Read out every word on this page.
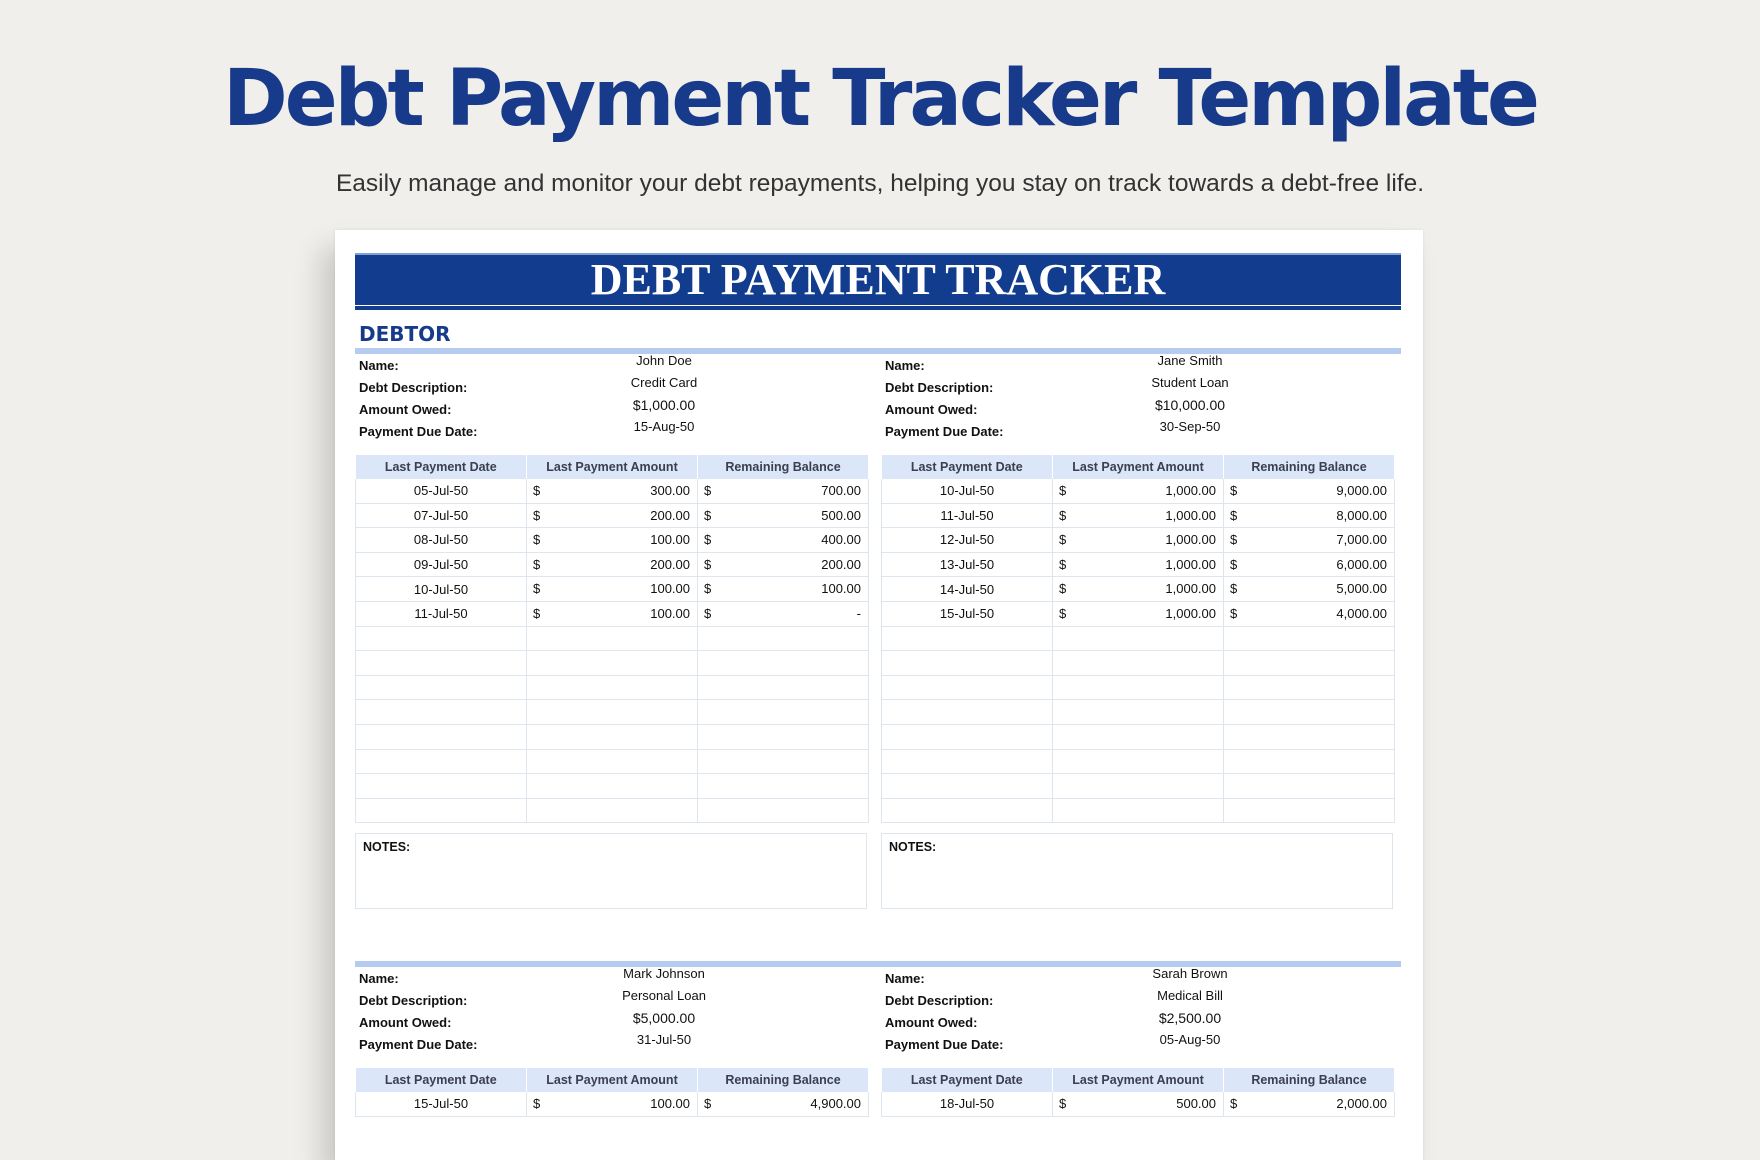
Debt Payment Tracker Template
Easily manage and monitor your debt repayments, helping you stay on track towards a debt-free life.
DEBT PAYMENT TRACKER
DEBTOR
Name:	John Doe
Debt Description:	Credit Card
Amount Owed:	$1,000.00
Payment Due Date:	15-Aug-50
Last Payment Date	Last Payment Amount	Remaining Balance
05-Jul-50	$ 300.00	$ 700.00

07-Jul-50	$ 200.00	$ 500.00

08-Jul-50	$ 100.00	$ 400.00

09-Jul-50	$ 200.00	$ 200.00

10-Jul-50	$ 100.00	$ 100.00

11-Jul-50	$ 100.00	$ -

NOTES:
Name:	Jane Smith
Debt Description:	Student Loan
Amount Owed:	$10,000.00
Payment Due Date:	30-Sep-50
Last Payment Date	Last Payment Amount	Remaining Balance
10-Jul-50	$ 1,000.00	$ 9,000.00

11-Jul-50	$ 1,000.00	$ 8,000.00

12-Jul-50	$ 1,000.00	$ 7,000.00

13-Jul-50	$ 1,000.00	$ 6,000.00

14-Jul-50	$ 1,000.00	$ 5,000.00

15-Jul-50	$ 1,000.00	$ 4,000.00

NOTES:
Name:	Mark Johnson
Debt Description:	Personal Loan
Amount Owed:	$5,000.00
Payment Due Date:	31-Jul-50
Last Payment Date	Last Payment Amount	Remaining Balance
15-Jul-50	$ 100.00	$ 4,900.00
Name:	Sarah Brown
Debt Description:	Medical Bill
Amount Owed:	$2,500.00
Payment Due Date:	05-Aug-50
Last Payment Date	Last Payment Amount	Remaining Balance
18-Jul-50	$ 500.00	$ 2,000.00
